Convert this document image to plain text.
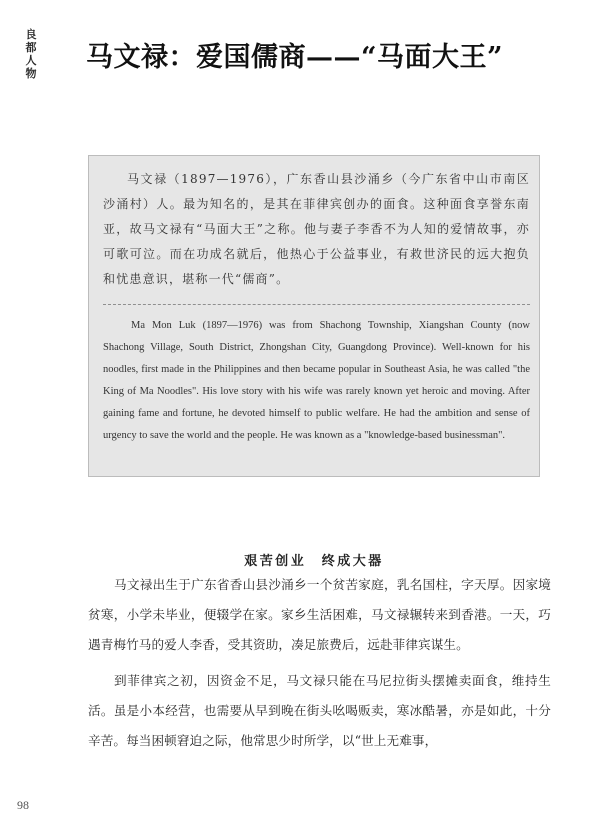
良都人物
马文禄：爱国儒商——“马面大王”

马文禄（1897—1976），广东香山县沙涌乡（今广东省中山市南区沙涌村）人。最为知名的，是其在菲律宾创办的面食。这种面食享誉东南亚，故马文禄有“马面大王”之称。他与妻子李香不为人知的爱情故事，亦可歌可泣。而在功成名就后，他热心于公益事业，有救世济民的远大抱负和忧患意识，堪称一代“儒商”。

Ma Mon Luk (1897—1976) was from Shachong Township, Xiangshan County (now Shachong Village, South District, Zhongshan City, Guangdong Province). Well-known for his noodles, first made in the Philippines and then became popular in Southeast Asia, he was called "the King of Ma Noodles". His love story with his wife was rarely known yet heroic and moving. After gaining fame and fortune, he devoted himself to public welfare. He had the ambition and sense of urgency to save the world and the people. He was known as a "knowledge-based businessman".

艰苦创业　终成大器

马文禄出生于广东省香山县沙涌乡一个贫苦家庭，乳名国柱，字天厚。因家境贫寒，小学未毕业，便辍学在家。家乡生活困难，马文禄辗转来到香港。一天，巧遇青梅竹马的爱人李香，受其资助，凑足旅费后，远赴菲律宾谋生。

到菲律宾之初，因资金不足，马文禄只能在马尼拉街头摆摊卖面食，维持生活。虽是小本经营，也需要从早到晚在街头吆喝贩卖，寒冰酷暑，亦是如此，十分辛苦。每当困顿窘迫之际，他常思少时所学，以“世上无难事，

98
